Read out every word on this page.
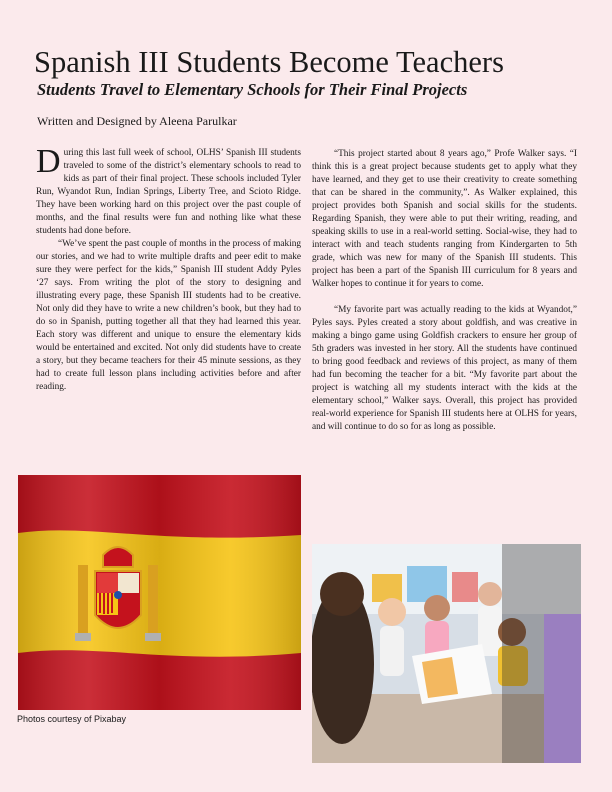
Spanish III Students Become Teachers
Students Travel to Elementary Schools for Their Final Projects
Written and Designed by Aleena Parulkar

During this last full week of school, OLHS’ Spanish III students traveled to some of the district’s elementary schools to read to kids as part of their final project. These schools included Tyler Run, Wyandot Run, Indian Springs, Liberty Tree, and Scioto Ridge. They have been working hard on this project over the past couple of months, and the final results were fun and nothing like what these students had done before.

“We’ve spent the past couple of months in the process of making our stories, and we had to write multiple drafts and peer edit to make sure they were perfect for the kids,” Spanish III student Addy Pyles ‘27 says. From writing the plot of the story to designing and illustrating every page, these Spanish III students had to be creative. Not only did they have to write a new children’s book, but they had to do so in Spanish, putting together all that they had learned this year. Each story was different and unique to ensure the elementary kids would be entertained and excited. Not only did students have to create a story, but they became teachers for their 45 minute sessions, as they had to create full lesson plans including activities before and after reading.

“This project started about 8 years ago,” Profe Walker says. “I think this is a great project because students get to apply what they have learned, and they get to use their creativity to create something that can be shared in the community,”. As Walker explained, this project provides both Spanish and social skills for the students. Regarding Spanish, they were able to put their writing, reading, and speaking skills to use in a real-world setting. Social-wise, they had to interact with and teach students ranging from Kindergarten to 5th grade, which was new for many of the Spanish III students. This project has been a part of the Spanish III curriculum for 8 years and Walker hopes to continue it for years to come.

“My favorite part was actually reading to the kids at Wyandot,” Pyles says. Pyles created a story about goldfish, and was creative in making a bingo game using Goldfish crackers to ensure her group of 5th graders was invested in her story. All the students have continued to bring good feedback and reviews of this project, as many of them had fun becoming the teacher for a bit. “My favorite part about the project is watching all my students interact with the kids at the elementary school,” Walker says. Overall, this project has provided real-world experience for Spanish III students here at OLHS for years, and will continue to do so for as long as possible.

Photos courtesy of Pixabay
